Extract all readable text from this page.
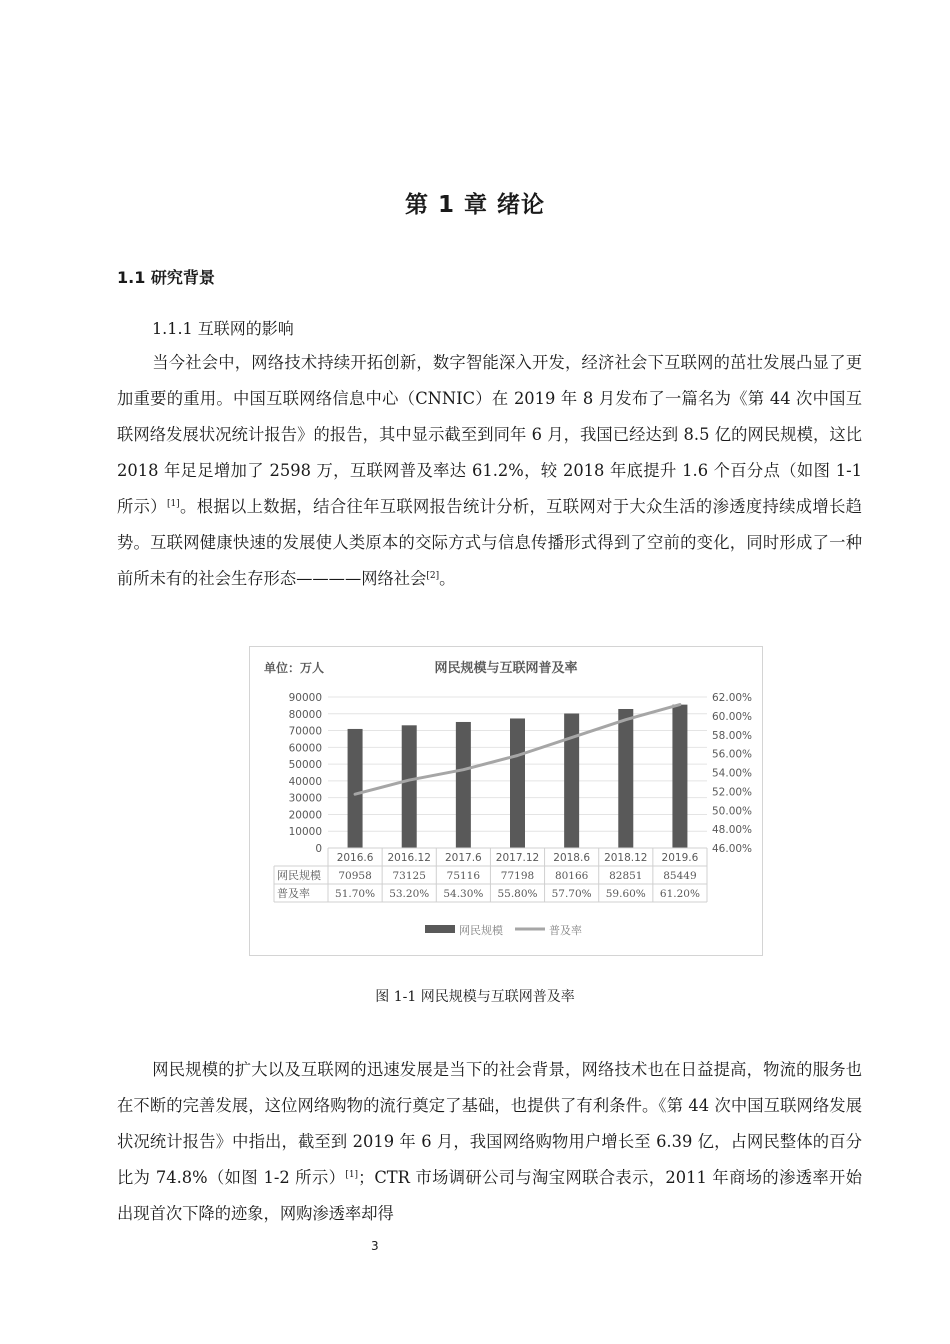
第 1 章 绪论
1.1 研究背景
1.1.1 互联网的影响

当今社会中，网络技术持续开拓创新，数字智能深入开发，经济社会下互联网的茁壮发展凸显了更加重要的重用。中国互联网络信息中心（CNNIC）在 2019 年 8 月发布了一篇名为《第 44 次中国互联网络发展状况统计报告》的报告，其中显示截至到同年 6 月，我国已经达到 8.5 亿的网民规模，这比 2018 年足足增加了 2598 万，互联网普及率达 61.2%，较 2018 年底提升 1.6 个百分点（如图 1-1 所示）[1]。根据以上数据，结合往年互联网报告统计分析，互联网对于大众生活的渗透度持续成增长趋势。互联网健康快速的发展使人类原本的交际方式与信息传播形式得到了空前的变化，同时形成了一种前所未有的社会生存形态————网络社会[2]。

单位：万人	网民规模与互联网普及率
0
10000
20000
30000
40000
50000
60000
70000
80000
90000
46.00%
48.00%
50.00%
52.00%
54.00%
56.00%
58.00%
60.00%
62.00%
2016.6 2016.12 2017.6 2017.12 2018.6 2018.12 2019.6
网民规模
普及率
70958 73125 75116 77198 80166 82851 85449
51.70% 53.20% 54.30% 55.80% 57.70% 59.60% 61.20%
网民规模	普及率
图 1-1 网民规模与互联网普及率

网民规模的扩大以及互联网的迅速发展是当下的社会背景，网络技术也在日益提高，物流的服务也在不断的完善发展，这位网络购物的流行奠定了基础，也提供了有利条件。《第 44 次中国互联网络发展状况统计报告》中指出，截至到 2019 年 6 月，我国网络购物用户增长至 6.39 亿，占网民整体的百分比为 74.8%（如图 1-2 所示）[1]；CTR 市场调研公司与淘宝网联合表示，2011 年商场的渗透率开始出现首次下降的迹象，网购渗透率却得

3
